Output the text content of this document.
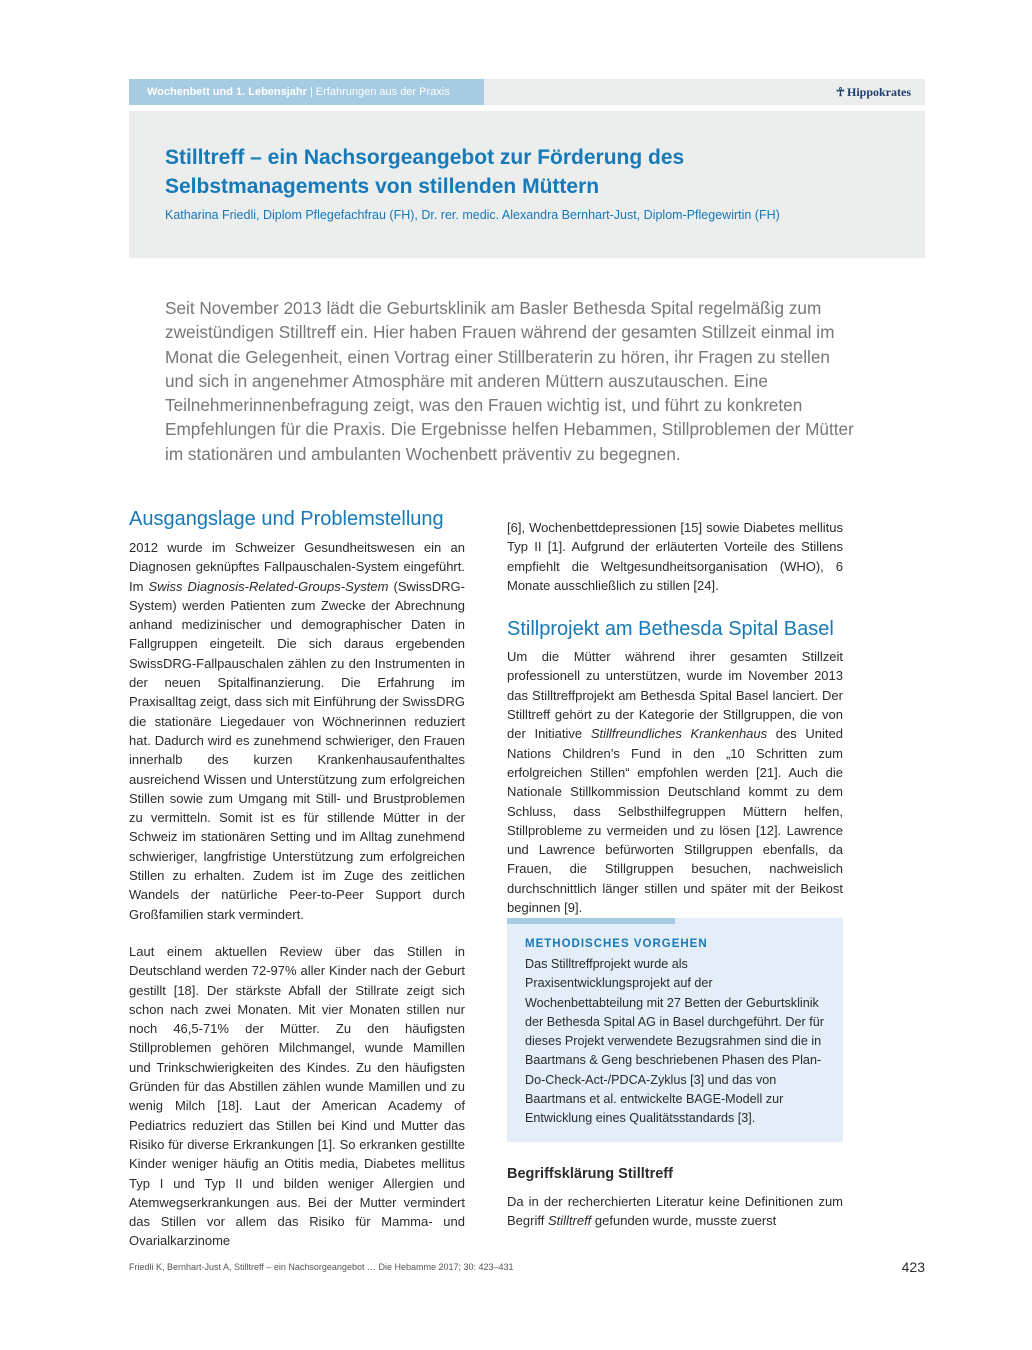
Wochenbett und 1. Lebensjahr | Erfahrungen aus der Praxis	☥ Hippokrates
Stilltreff – ein Nachsorgeangebot zur Förderung des Selbstmanagements von stillenden Müttern
Katharina Friedli, Diplom Pflegefachfrau (FH), Dr. rer. medic. Alexandra Bernhart-Just, Diplom-Pflegewirtin (FH)
Seit November 2013 lädt die Geburtsklinik am Basler Bethesda Spital regelmäßig zum zweistündigen Stilltreff ein. Hier haben Frauen während der gesamten Stillzeit einmal im Monat die Gelegenheit, einen Vortrag einer Stillberaterin zu hören, ihr Fragen zu stellen und sich in angenehmer Atmosphäre mit anderen Müttern auszutauschen. Eine Teilnehmerinnenbefragung zeigt, was den Frauen wichtig ist, und führt zu konkreten Empfehlungen für die Praxis. Die Ergebnisse helfen Hebammen, Stillproblemen der Mütter im stationären und ambulanten Wochenbett präventiv zu begegnen.
Ausgangslage und Problemstellung

2012 wurde im Schweizer Gesundheitswesen ein an Diagnosen geknüpftes Fallpauschalen-System eingeführt. Im Swiss Diagnosis-Related-Groups-System (SwissDRG-System) werden Patienten zum Zwecke der Abrechnung anhand medizinischer und demographischer Daten in Fallgruppen eingeteilt. Die sich daraus ergebenden SwissDRG-Fallpauschalen zählen zu den Instrumenten in der neuen Spitalfinanzierung. Die Erfahrung im Praxisalltag zeigt, dass sich mit Einführung der SwissDRG die stationäre Liegedauer von Wöchnerinnen reduziert hat. Dadurch wird es zunehmend schwieriger, den Frauen innerhalb des kurzen Krankenhausaufenthaltes ausreichend Wissen und Unterstützung zum erfolgreichen Stillen sowie zum Umgang mit Still- und Brustproblemen zu vermitteln. Somit ist es für stillende Mütter in der Schweiz im stationären Setting und im Alltag zunehmend schwieriger, langfristige Unterstützung zum erfolgreichen Stillen zu erhalten. Zudem ist im Zuge des zeitlichen Wandels der natürliche Peer-to-Peer Support durch Großfamilien stark vermindert.

Laut einem aktuellen Review über das Stillen in Deutschland werden 72-97% aller Kinder nach der Geburt gestillt [18]. Der stärkste Abfall der Stillrate zeigt sich schon nach zwei Monaten. Mit vier Monaten stillen nur noch 46,5-71% der Mütter. Zu den häufigsten Stillproblemen gehören Milchmangel, wunde Mamillen und Trinkschwierigkeiten des Kindes. Zu den häufigsten Gründen für das Abstillen zählen wunde Mamillen und zu wenig Milch [18]. Laut der American Academy of Pediatrics reduziert das Stillen bei Kind und Mutter das Risiko für diverse Erkrankungen [1]. So erkranken gestillte Kinder weniger häufig an Otitis media, Diabetes mellitus Typ I und Typ II und bilden weniger Allergien und Atemwegserkrankungen aus. Bei der Mutter vermindert das Stillen vor allem das Risiko für Mamma- und Ovarialkarzinome

[6], Wochenbettdepressionen [15] sowie Diabetes mellitus Typ II [1]. Aufgrund der erläuterten Vorteile des Stillens empfiehlt die Weltgesundheitsorganisation (WHO), 6 Monate ausschließlich zu stillen [24].

Stillprojekt am Bethesda Spital Basel

Um die Mütter während ihrer gesamten Stillzeit professionell zu unterstützen, wurde im November 2013 das Stilltreffprojekt am Bethesda Spital Basel lanciert. Der Stilltreff gehört zu der Kategorie der Stillgruppen, die von der Initiative Stillfreundliches Krankenhaus des United Nations Children’s Fund in den „10 Schritten zum erfolgreichen Stillen“ empfohlen werden [21]. Auch die Nationale Stillkommission Deutschland kommt zu dem Schluss, dass Selbsthilfegruppen Müttern helfen, Stillprobleme zu vermeiden und zu lösen [12]. Lawrence und Lawrence befürworten Stillgruppen ebenfalls, da Frauen, die Stillgruppen besuchen, nachweislich durchschnittlich länger stillen und später mit der Beikost beginnen [9].

METHODISCHES VORGEHEN
Das Stilltreffprojekt wurde als Praxisentwicklungsprojekt auf der Wochenbettabteilung mit 27 Betten der Geburtsklinik der Bethesda Spital AG in Basel durchgeführt. Der für dieses Projekt verwendete Bezugsrahmen sind die in Baartmans & Geng beschriebenen Phasen des Plan-Do-Check-Act-/PDCA-Zyklus [3] und das von Baartmans et al. entwickelte BAGE-Modell zur Entwicklung eines Qualitätsstandards [3].
Begriffsklärung Stilltreff

Da in der recherchierten Literatur keine Definitionen zum Begriff Stilltreff gefunden wurde, musste zuerst

Friedli K, Bernhart-Just A, Stilltreff – ein Nachsorgeangebot … Die Hebamme 2017; 30: 423–431	423
